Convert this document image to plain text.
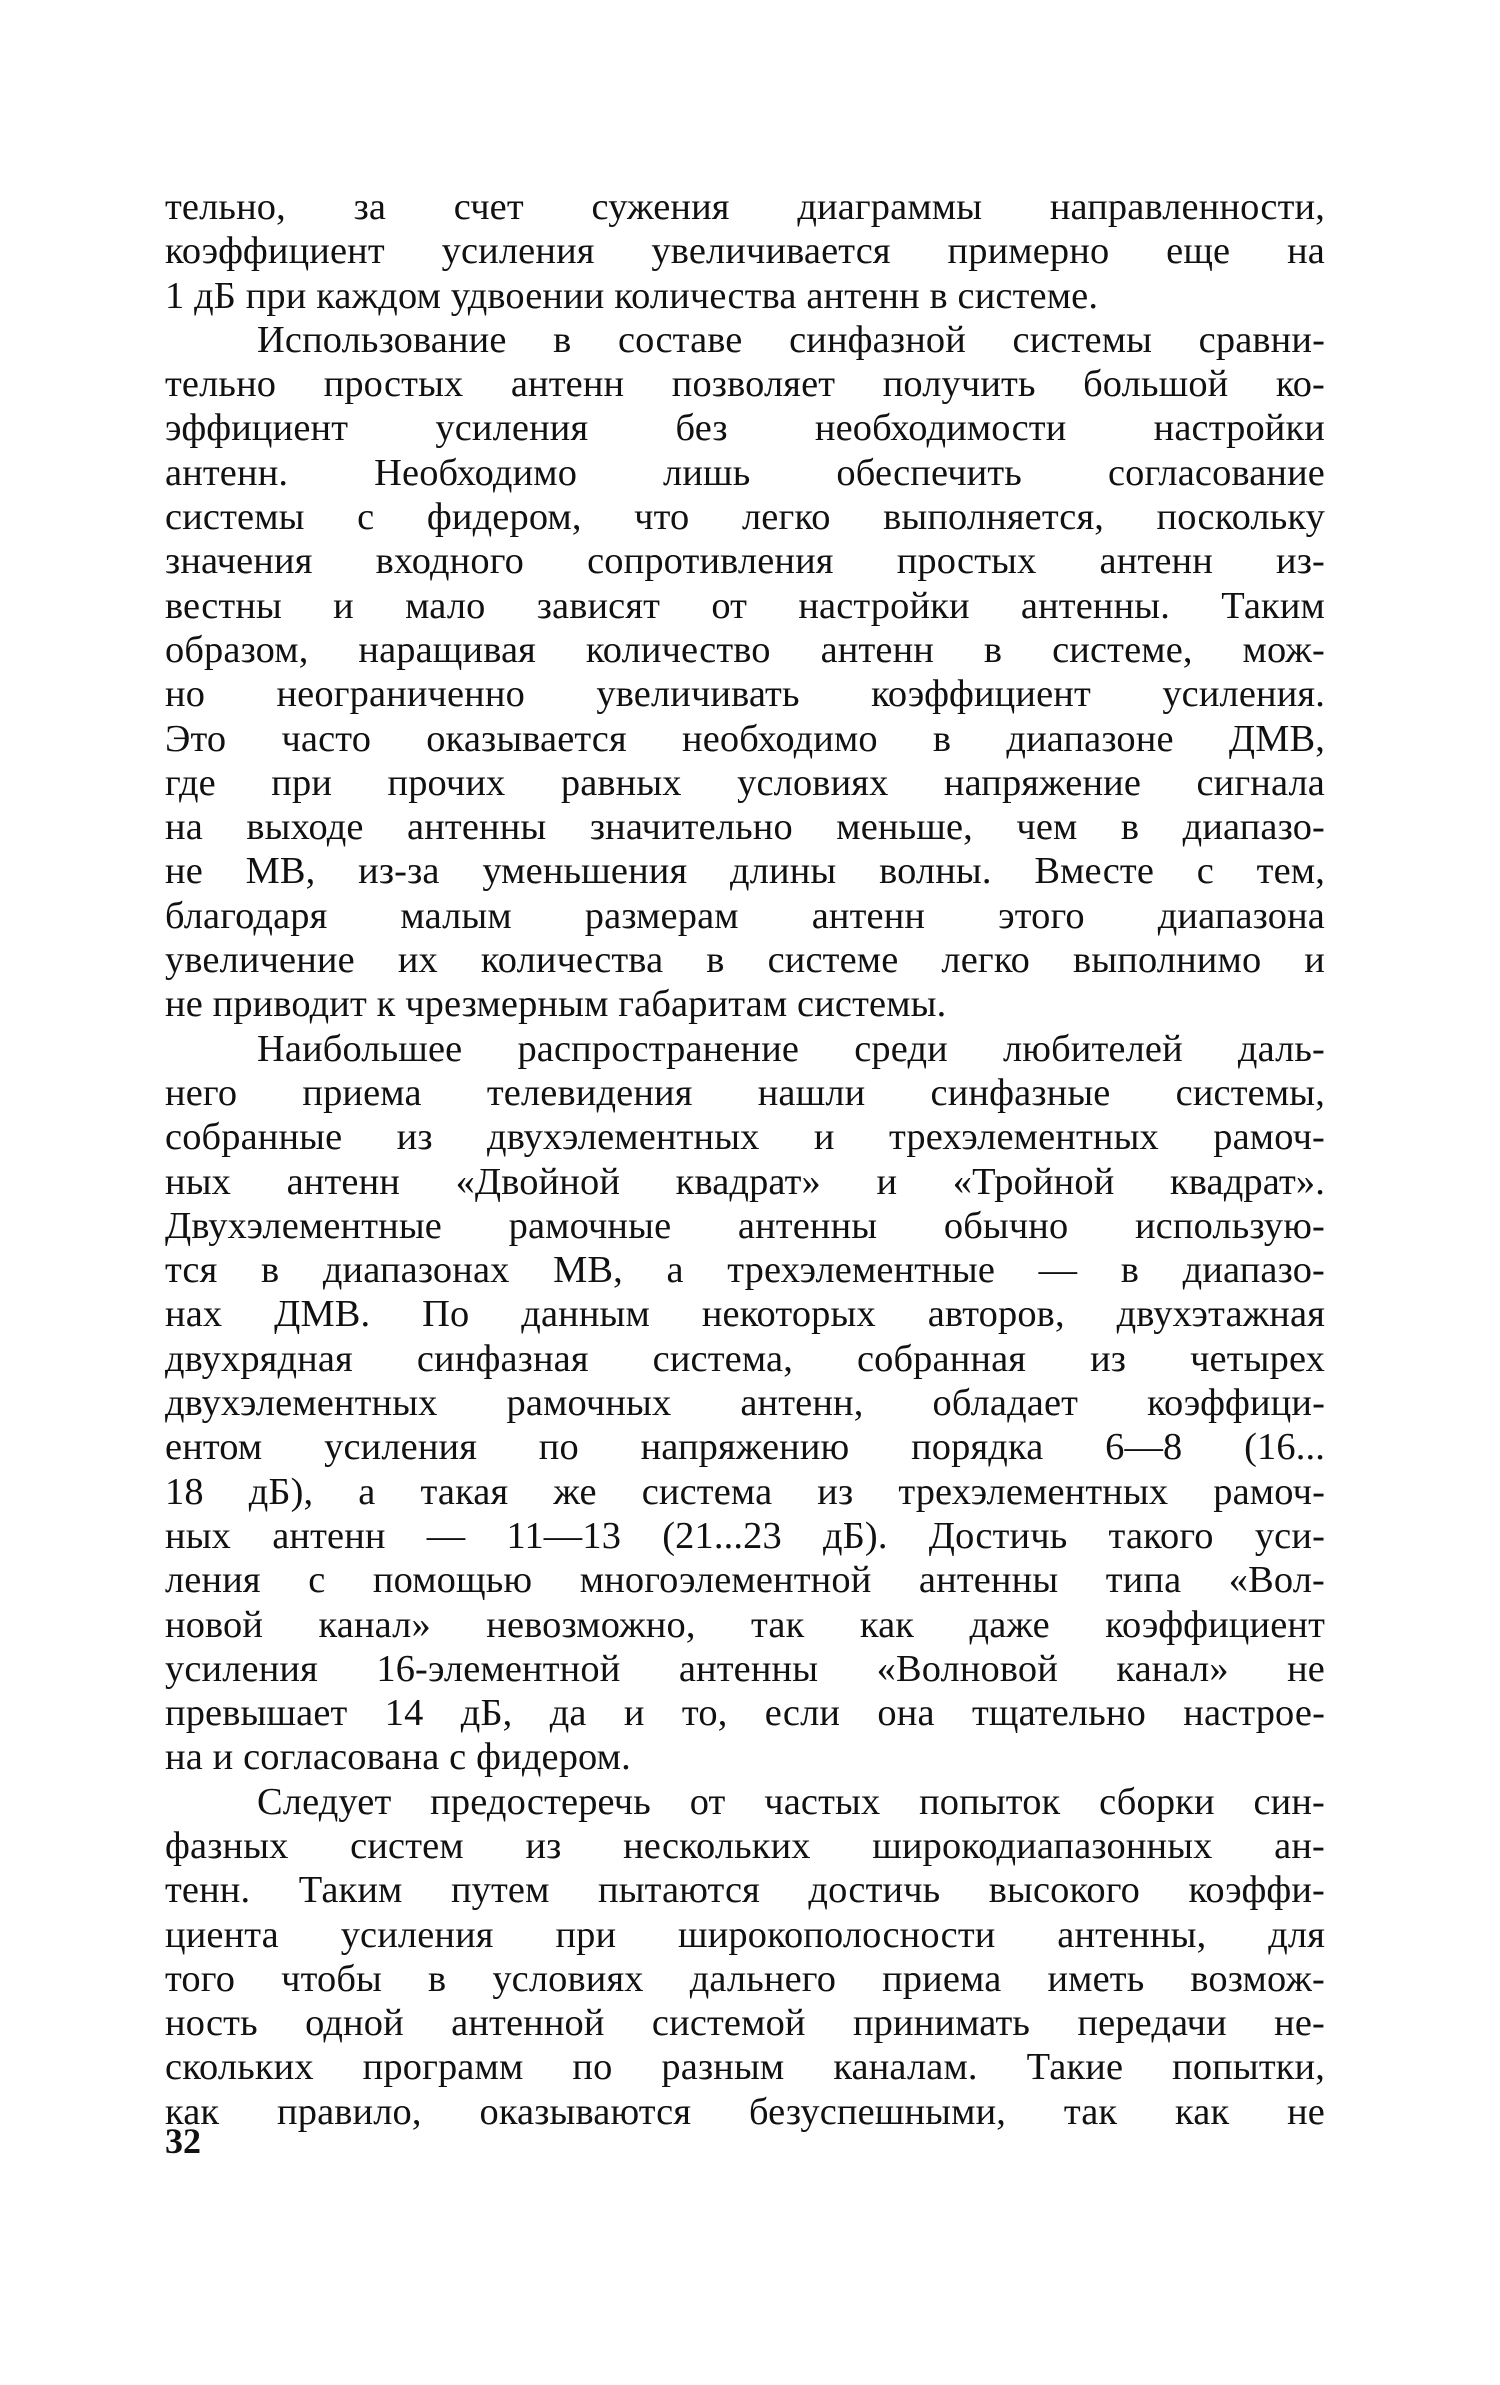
тельно, за счет сужения диаграммы направленности,
коэффициент усиления увеличивается примерно еще на
1 дБ при каждом удвоении количества антенн в системе.
Использование в составе синфазной системы сравни-
тельно простых антенн позволяет получить большой ко-
эффициент усиления без необходимости настройки
антенн. Необходимо лишь обеспечить согласование
системы с фидером, что легко выполняется, поскольку
значения входного сопротивления простых антенн из-
вестны и мало зависят от настройки антенны. Таким
образом, наращивая количество антенн в системе, мож-
но неограниченно увеличивать коэффициент усиления.
Это часто оказывается необходимо в диапазоне ДМВ,
где при прочих равных условиях напряжение сигнала
на выходе антенны значительно меньше, чем в диапазо-
не МВ, из-за уменьшения длины волны. Вместе с тем,
благодаря малым размерам антенн этого диапазона
увеличение их количества в системе легко выполнимо и
не приводит к чрезмерным габаритам системы.
Наибольшее распространение среди любителей даль-
него приема телевидения нашли синфазные системы,
собранные из двухэлементных и трехэлементных рамоч-
ных антенн «Двойной квадрат» и «Тройной квадрат».
Двухэлементные рамочные антенны обычно использую-
тся в диапазонах МВ, а трехэлементные — в диапазо-
нах ДМВ. По данным некоторых авторов, двухэтажная
двухрядная синфазная система, собранная из четырех
двухэлементных рамочных антенн, обладает коэффици-
ентом усиления по напряжению порядка 6—8 (16...
18 дБ), а такая же система из трехэлементных рамоч-
ных антенн — 11—13 (21...23 дБ). Достичь такого уси-
ления с помощью многоэлементной антенны типа «Вол-
новой канал» невозможно, так как даже коэффициент
усиления 16-элементной антенны «Волновой канал» не
превышает 14 дБ, да и то, если она тщательно настрое-
на и согласована с фидером.
Следует предостеречь от частых попыток сборки син-
фазных систем из нескольких широкодиапазонных ан-
тенн. Таким путем пытаются достичь высокого коэффи-
циента усиления при широкополосности антенны, для
того чтобы в условиях дальнего приема иметь возмож-
ность одной антенной системой принимать передачи не-
скольких программ по разным каналам. Такие попытки,
как правило, оказываются безуспешными, так как не
32
